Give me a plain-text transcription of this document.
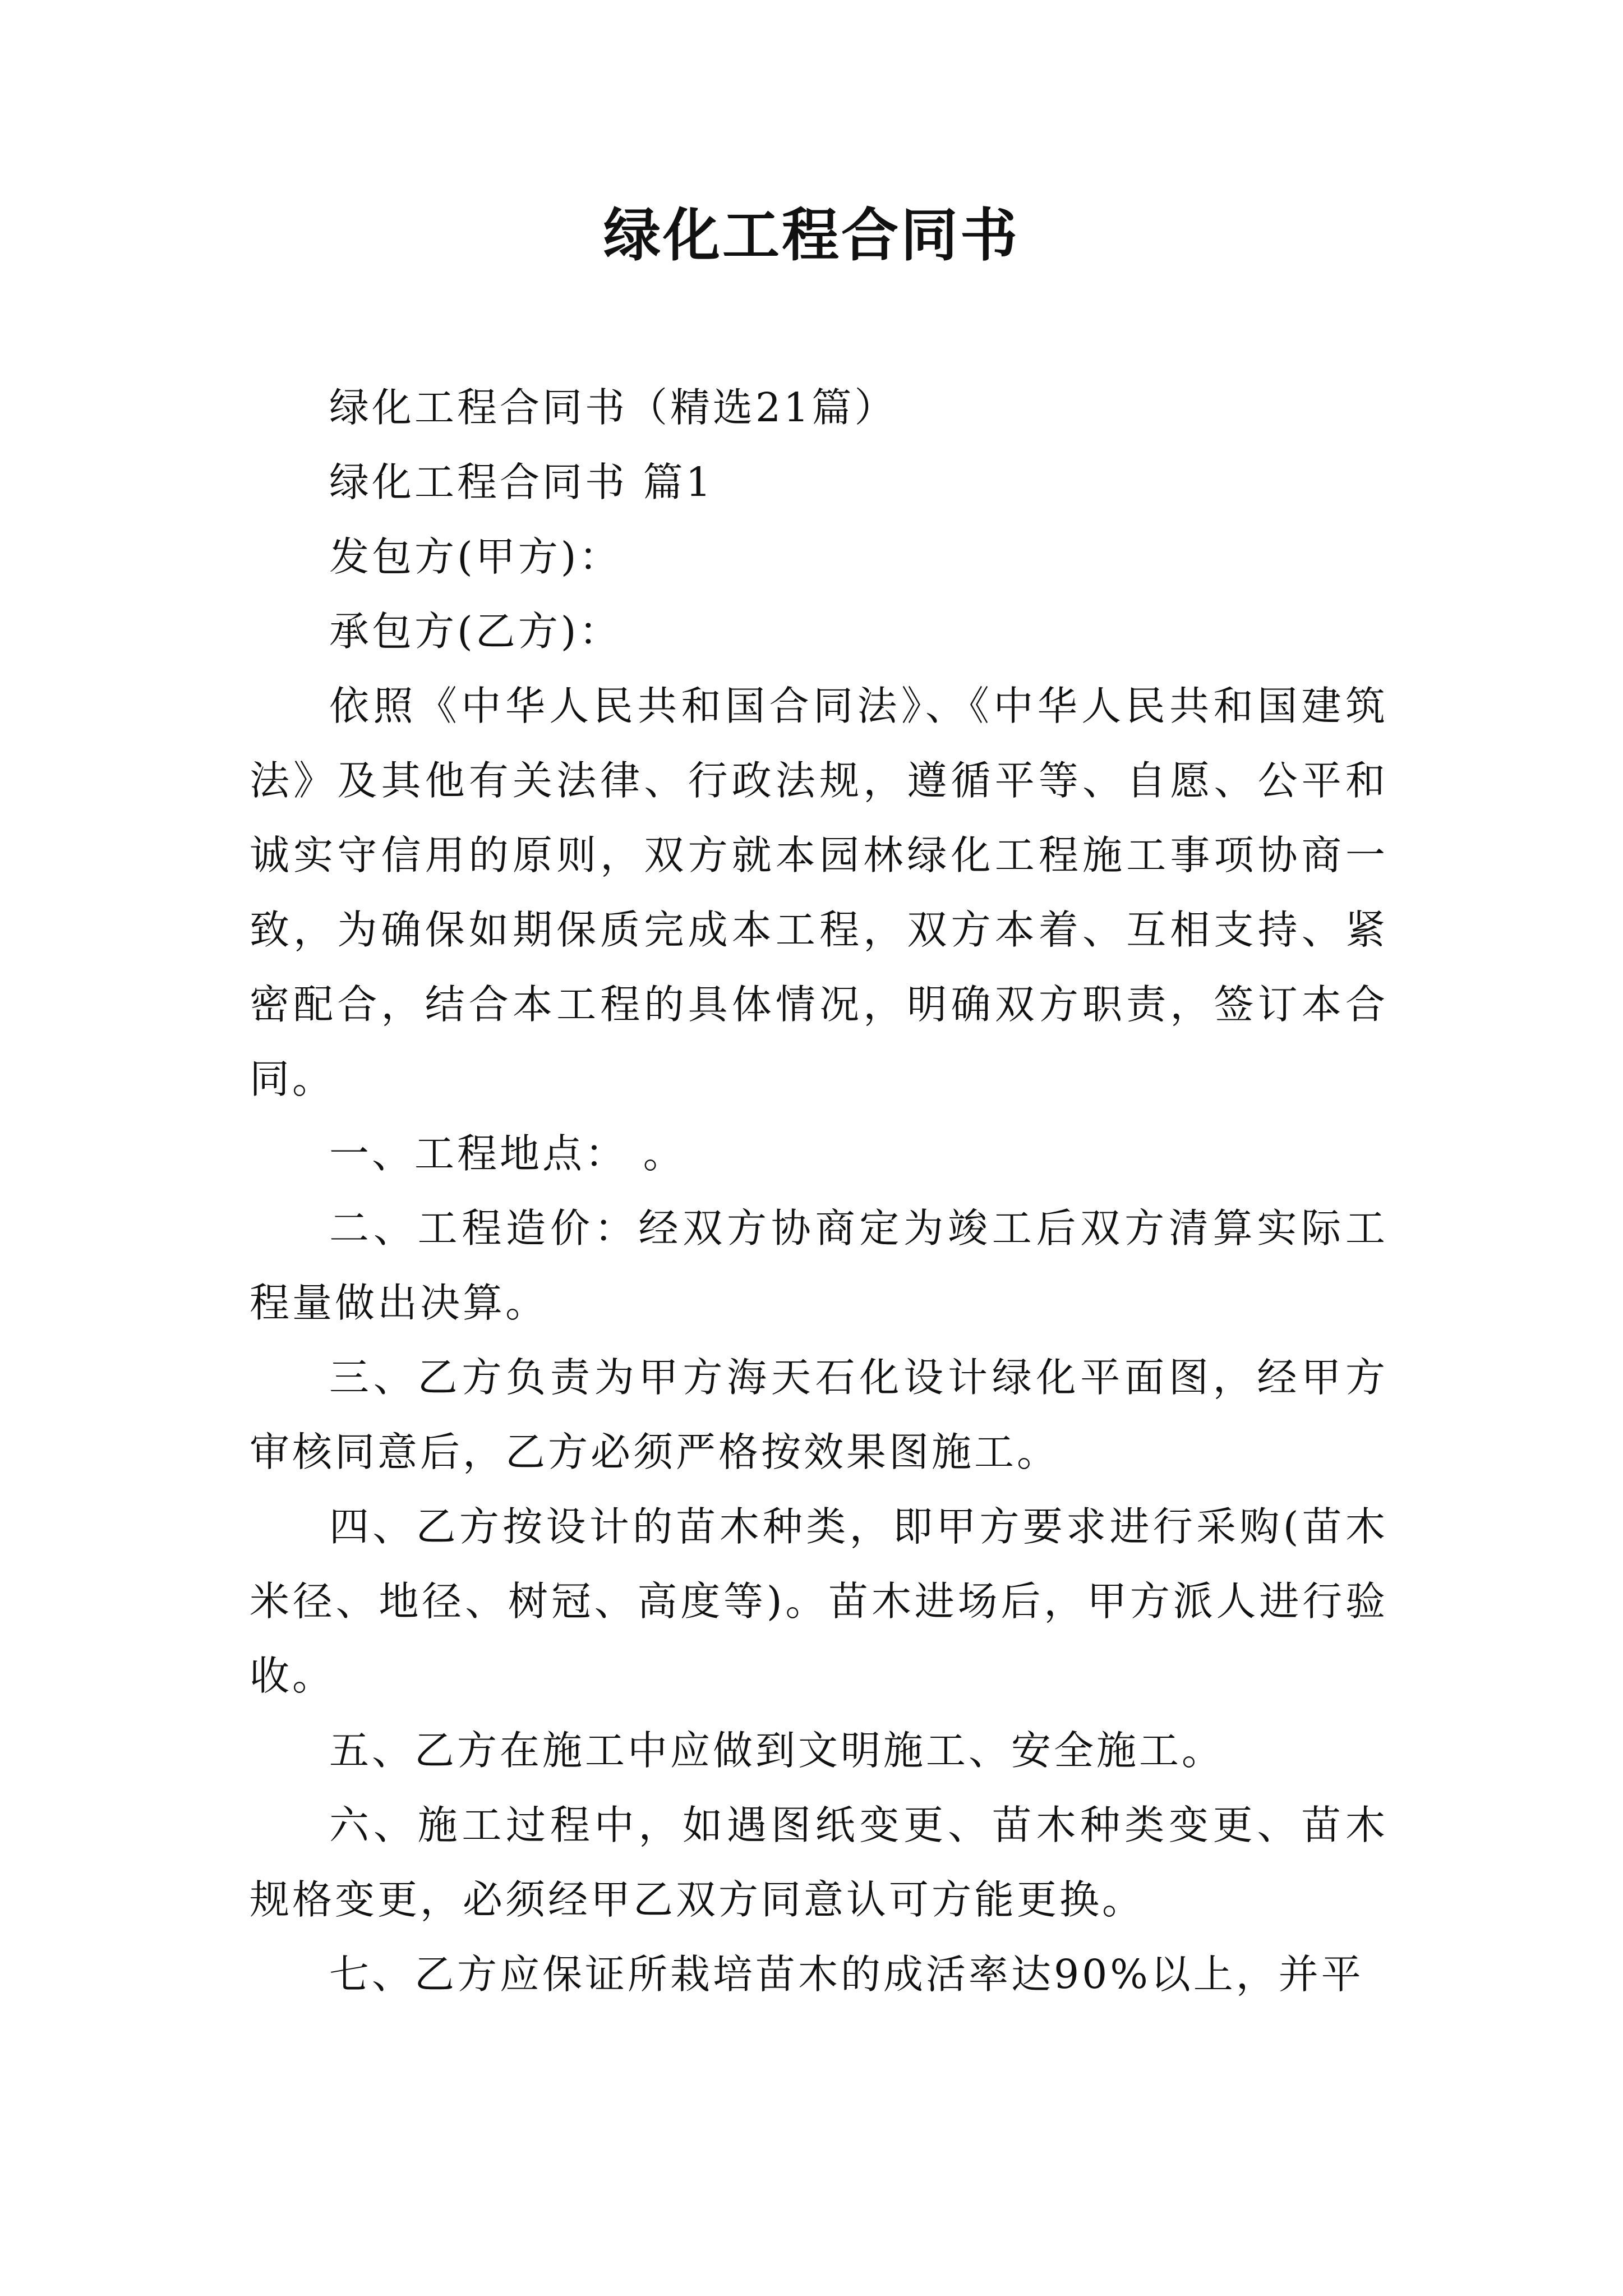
绿化工程合同书

绿化工程合同书（精选21篇）

绿化工程合同书 篇1

发包方(甲方)：

承包方(乙方)：

依照《中华人民共和国合同法》、《中华人民共和国建筑法》及其他有关法律、行政法规，遵循平等、自愿、公平和诚实守信用的原则，双方就本园林绿化工程施工事项协商一致，为确保如期保质完成本工程，双方本着、互相支持、紧密配合，结合本工程的具体情况，明确双方职责，签订本合同。

一、工程地点： 。

二、工程造价：经双方协商定为竣工后双方清算实际工程量做出决算。

三、乙方负责为甲方海天石化设计绿化平面图，经甲方审核同意后，乙方必须严格按效果图施工。

四、乙方按设计的苗木种类，即甲方要求进行采购(苗木米径、地径、树冠、高度等)。苗木进场后，甲方派人进行验收。

五、乙方在施工中应做到文明施工、安全施工。

六、施工过程中，如遇图纸变更、苗木种类变更、苗木规格变更，必须经甲乙双方同意认可方能更换。

七、乙方应保证所栽培苗木的成活率达90%以上，并平
